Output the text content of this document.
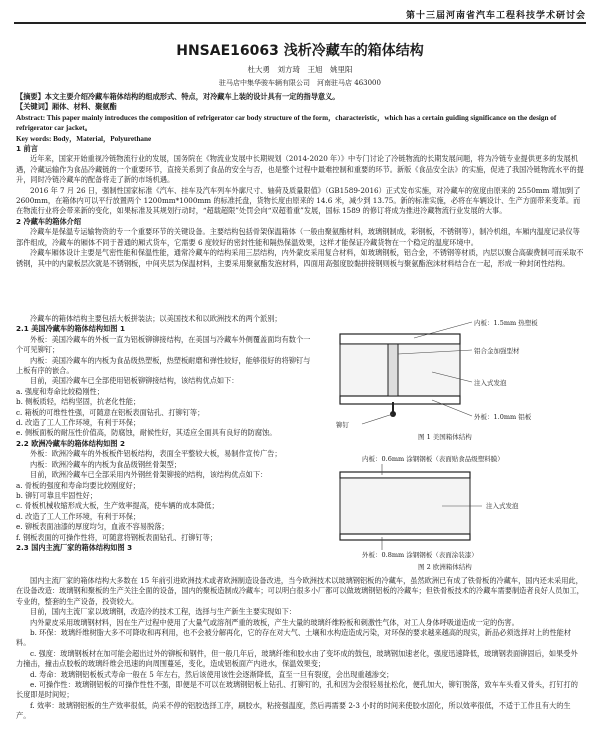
第十三届河南省汽车工程科技学术研讨会
HNSAE16063 浅析冷藏车的箱体结构
杜大勇　刘方琦　王旭　姚里阳
驻马店中集华骏车辆有限公司　河南驻马店 463000

【摘要】本文主要介绍冷藏车箱体结构的组成形式、特点，对冷藏车上装的设计具有一定的指导意义。

【关键词】厢体、材料、聚氨酯

Abstract: This paper mainly introduces the composition of refrigerator car body structure of the form，characteristic，which has a certain guiding significance on the design of refrigerator car jacket。

Key words: Body，Material，Polyurethane

1 前言

近年来，国家开始重视冷链物流行业的发展，国务院在《物流业发展中长期规划（2014-2020 年）》中专门讨论了冷链物流的长期发展问题，将为冷链专业提供更多的发展机遇，冷藏运输作为食品冷藏链的一个重要环节，直接关系到了食品的安全与否，也是整个过程中最难控制和重要的环节。新版《食品安全法》的实施，促进了我国冷链物流水平的提升，同时冷链冷藏车的配备将走了新的市场机遇。

2016 年 7 月 26 日，强制性国家标准《汽车、挂车及汽车列车外廓尺寸、轴荷及质量限值》（GB1589-2016）正式发布实施，对冷藏车的宽度由原来的 2550mm 增加到了 2600mm，在箱体内可以平行放置两个 1200mm*1000mm 的标准托盘，货物长度由原来的 14.6 米，减少到 13.75。新的标准实施，必将在车辆设计、生产方面带来变革。而在物流行业将会带来新的变化，如果标准及其规划行动时，“超载超限”处罚会向“双超着重”发展，国标 1589 的修订将成为推进冷藏物流行业发展的大事。

2 冷藏车的箱体介绍

冷藏车是保温专运输物资的专一个重要环节的关键设备。主要结构包括骨架保温箱体（一般由聚氨酯材料，玻璃钢制成，彩钢板，不锈钢等），制冷机组，车厢内温度记录仪等部件组成，冷藏车的厢体不同于普通的厢式货车，它需要 6 度较好的密封性能和隔热保温效果，这样才能保证冷藏货物在一个稳定的温度环境中。

冷藏车厢体设计主要是气密性能和保温性能，通常冷藏车的结构采用三层结构，内外蒙皮采用复合材料，如玻璃钢板，铝合金，不锈钢等材质，内层以聚合高碳费制可而采取不锈钢，其中的内蒙板层次就是不锈钢板，中间夹层为保温材料，主要采用聚氨酯发泡材料，四面用高强度胶黏拼接钢则板与聚氨酯泡沫材料结合在一起，形成一种封闭性结构。

冷藏车的箱体结构主要包括大板拼装法；以美国技术和以欧洲技术的两个派别；

2.1 美国冷藏车的箱体结构如图 1

外板：美国冷藏车的外板一直为铝板铆铆接结构，在美国与冷藏车外侧覆盖面均有数个一个可见铆钉；

内板：美国冷藏车的内板为食品级热塑板，热塑板耐磨和弹性较好，能够很好的将铆钉与上板有序的嵌合。

目前，美国冷藏车已全部使用铝板铆铆接结构，该结构优点如下：

a. 强度和寿命比较稳刚性；

b. 侧板质轻，结构坚固，抗老化性能；

c. 箱板的可维性性强，可随意在铝板表面钻孔、打铆钉等；

d. 改造了工人工作环境，有利于环保；

e. 侧板面板的耐压性价值高，防腐蚀，耐候性好，其适应全面具有良好的防腐蚀。

2.2 欧洲冷藏车的箱体结构如图 2

外板：欧洲冷藏车的外板板件铝板结构，表面全平整较大板，易制作宣传广告；

内板：欧洲冷藏车的内板为食品级钢丝骨架型；

目前，欧洲冷藏车已全部采用内外钢丝骨架铆接的结构，该结构优点如下：

a. 骨板的强度和寿命均要比较刚度好；

b. 铆钉可靠且牢固性好；

c. 骨板机械收缩形成大板，生产效率提高，使车辆的成本降低；

d. 改造了工人工作环境，有利于环保；

e. 铆板表面油漆的厚度均匀，血液不容易脱落；

f. 钢板表面的可操作性将，可随意将钢板表面钻孔、打铆钉等；

2.3 国内主流厂家的箱体结构如图 3

内板：1.5mm 热塑板
铝合金加强型材
注入式发泡
铆钉
外板：1.0mm 铝板
图 1 美国箱体结构
内板：0.6mm 涂钢钢板（表面贴食品级塑料膜）
注入式发泡
外板：0.8mm 涂钢钢板（表面涂装漆）
图 2 欧洲箱体结构

国内主流厂家的箱体结构大多数在 15 年前引进欧洲技术或者欧洲制造设备改进，当今欧洲技术以玻璃钢铝板的冷藏车，虽然欧洲已有成了铁骨板的冷藏车，国内还未采用此，在设备改造：玻璃钢和聚板的生产关注全面的设备，国内的聚板造制成冷藏车；可以明白很多小厂都可以做玻璃钢铝板的冷藏车；但铁骨板技术的冷藏车需要制造者良好人员加工，专业的，整套的生产设备，投资较大。

目前，国内主流厂家以玻璃钢，改造冷的技术工程，选择与生产新生主要实现如下：

内外蒙皮采用玻璃钢材料，因在生产过程中使用了大量气或溶剂严重的玻板，产生大量的玻璃纤维粉板和刺激性气体，对工人身体呼吸道造成一定的伤害。

b. 环保：玻璃纤维树脂大多不可降收和再利用，也不会被分解再化，它的存在对大气、土壤和水构造造成污染，对环保的要求越来越高的现实，新品必须选择对上的性能材料。

c. 强度：玻璃钢板材在加可能会超出过外的铆板和钢件，但一般几年后，玻璃纤维和胶水由了变坏成的鼓包，玻璃钢加速老化，强度迅速降低，玻璃钢表面铆固后，如果受外力撞击，撞击点胶板的玻璃纤维会迅速的向周围蔓延，变化，造成铝板面产内进水，保温效果变；

d. 寿命：玻璃钢铝板板式寿命一般在 5 年左右，然后该使用该性会逐渐降低，直至一旦有裂度，会出现重越渗交；

e. 可操作性：玻璃钢铝板的可操作性性不强，即便是不可以在玻璃钢铝板上钻孔、打铆钉的，孔和因为会很轻易扯松化，便孔加大，铆钉脱落，致车车头看又骨头，打钉打的长度即是时间短；

f. 效率：玻璃钢铝板的生产效率很低，尚采不停的铝胶选择工序，刷胶水，粘接强温度，然后再需要 2-3 小时的时间来使胶水固化，所以效率很低，不适于工作且有大的生产。
